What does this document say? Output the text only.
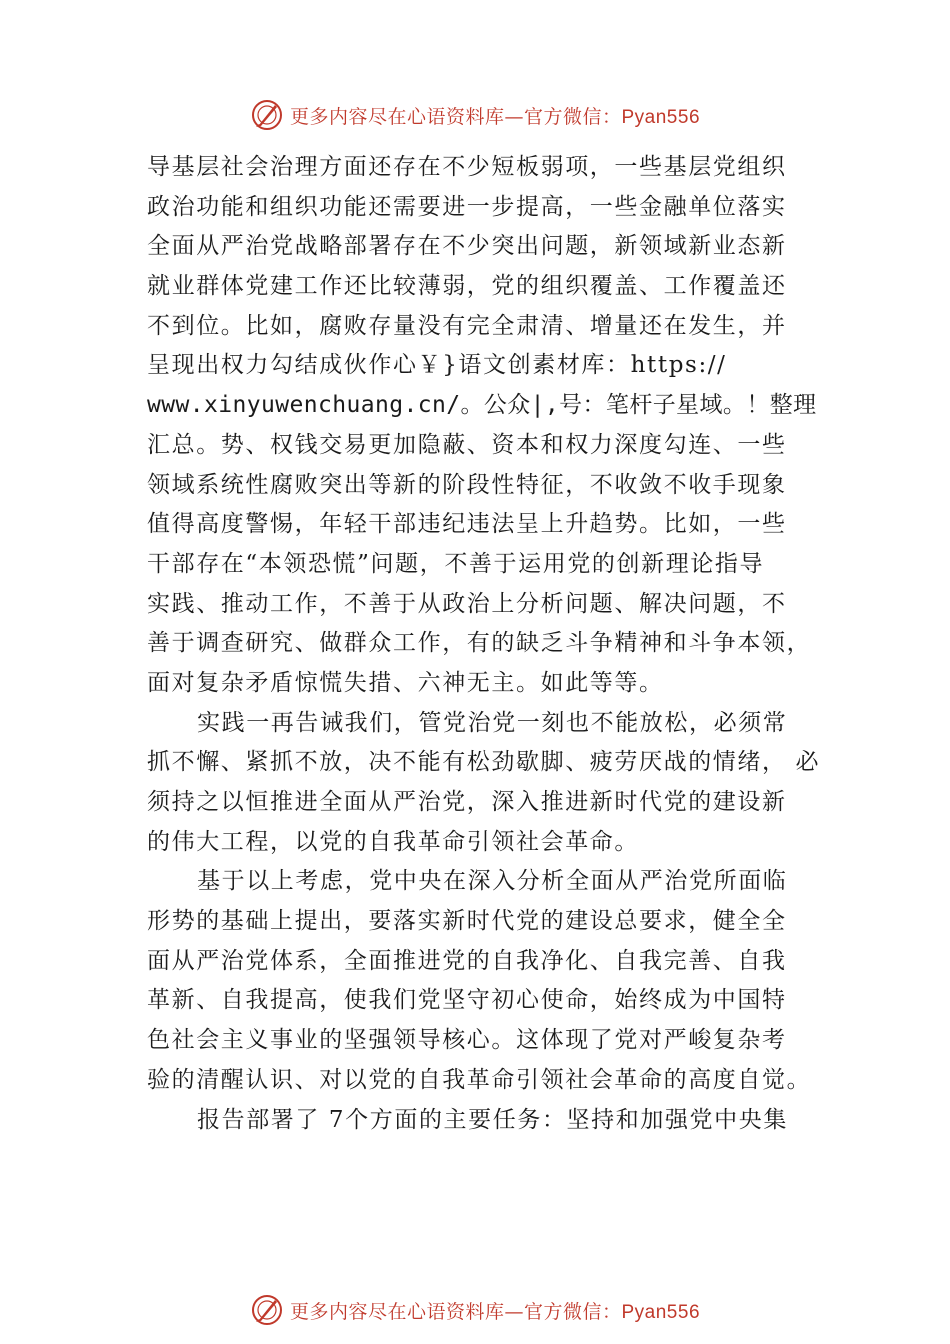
更多内容尽在心语资料库—官方微信：Pyan556
导基层社会治理方面还存在不少短板弱项，一些基层党组织
政治功能和组织功能还需要进一步提高，一些金融单位落实
全面从严治党战略部署存在不少突出问题，新领域新业态新
就业群体党建工作还比较薄弱，党的组织覆盖、工作覆盖还
不到位。比如，腐败存量没有完全肃清、增量还在发生，并
呈现出权力勾结成伙作心￥}语文创素材库：https://
www.xinyuwenchuang.cn/。公众|,号：笔杆子星域。！整理
汇总。势、权钱交易更加隐蔽、资本和权力深度勾连、一些
领域系统性腐败突出等新的阶段性特征，不收敛不收手现象
值得高度警惕，年轻干部违纪违法呈上升趋势。比如，一些
干部存在“本领恐慌”问题，不善于运用党的创新理论指导
实践、推动工作，不善于从政治上分析问题、解决问题，不
善于调查研究、做群众工作，有的缺乏斗争精神和斗争本领，
面对复杂矛盾惊慌失措、六神无主。如此等等。
实践一再告诫我们，管党治党一刻也不能放松，必须常
抓不懈、紧抓不放，决不能有松劲歇脚、疲劳厌战的情绪， 必
须持之以恒推进全面从严治党，深入推进新时代党的建设新
的伟大工程，以党的自我革命引领社会革命。
基于以上考虑，党中央在深入分析全面从严治党所面临
形势的基础上提出，要落实新时代党的建设总要求，健全全
面从严治党体系，全面推进党的自我净化、自我完善、自我
革新、自我提高，使我们党坚守初心使命，始终成为中国特
色社会主义事业的坚强领导核心。这体现了党对严峻复杂考
验的清醒认识、对以党的自我革命引领社会革命的高度自觉。
报告部署了 7个方面的主要任务：坚持和加强党中央集
更多内容尽在心语资料库—官方微信：Pyan556
